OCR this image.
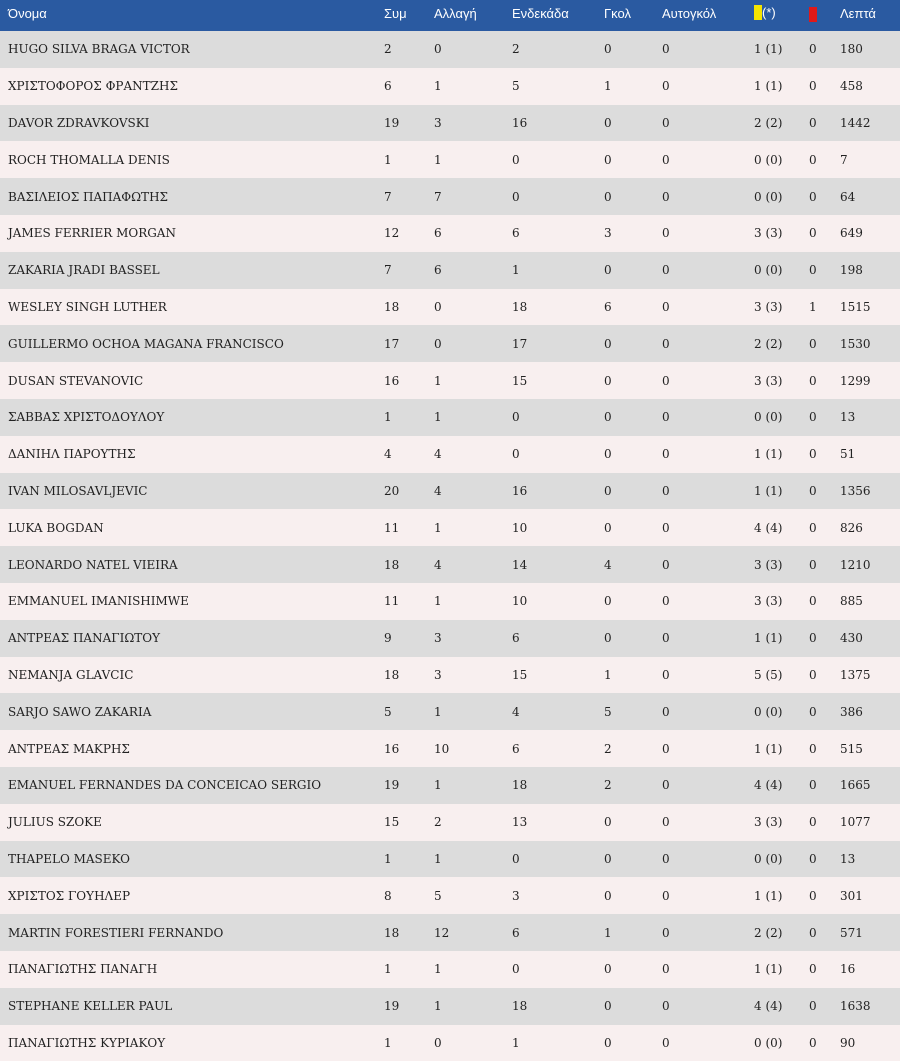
Όνομα	Συμ	Αλλαγή	Ενδεκάδα	Γκολ	Αυτογκόλ	(*)		Λεπτά
HUGO SILVA BRAGA VICTOR	2	0	2	0	0	1 (1)	0	180
ΧΡΙΣΤΟΦΟΡΟΣ ΦΡΑΝΤΖΗΣ	6	1	5	1	0	1 (1)	0	458
DAVOR ZDRAVKOVSKI	19	3	16	0	0	2 (2)	0	1442
ROCH THOMALLA DENIS	1	1	0	0	0	0 (0)	0	7
ΒΑΣΙΛΕΙΟΣ ΠΑΠΑΦΩΤΗΣ	7	7	0	0	0	0 (0)	0	64
JAMES FERRIER MORGAN	12	6	6	3	0	3 (3)	0	649
ZAKARIA JRADI BASSEL	7	6	1	0	0	0 (0)	0	198
WESLEY SINGH LUTHER	18	0	18	6	0	3 (3)	1	1515
GUILLERMO OCHOA MAGANA FRANCISCO	17	0	17	0	0	2 (2)	0	1530
DUSAN STEVANOVIC	16	1	15	0	0	3 (3)	0	1299
ΣΑΒΒΑΣ ΧΡΙΣΤΟΔΟΥΛΟΥ	1	1	0	0	0	0 (0)	0	13
ΔΑΝΙΗΛ ΠΑΡΟΥΤΗΣ	4	4	0	0	0	1 (1)	0	51
IVAN MILOSAVLJEVIC	20	4	16	0	0	1 (1)	0	1356
LUKA BOGDAN	11	1	10	0	0	4 (4)	0	826
LEONARDO NATEL VIEIRA	18	4	14	4	0	3 (3)	0	1210
EMMANUEL IMANISHIMWE	11	1	10	0	0	3 (3)	0	885
ΑΝΤΡΕΑΣ ΠΑΝΑΓΙΩΤΟΥ	9	3	6	0	0	1 (1)	0	430
NEMANJA GLAVCIC	18	3	15	1	0	5 (5)	0	1375
SARJO SAWO ZAKARIA	5	1	4	5	0	0 (0)	0	386
ΑΝΤΡΕΑΣ ΜΑΚΡΗΣ	16	10	6	2	0	1 (1)	0	515
EMANUEL FERNANDES DA CONCEICAO SERGIO	19	1	18	2	0	4 (4)	0	1665
JULIUS SZOKE	15	2	13	0	0	3 (3)	0	1077
THAPELO MASEKO	1	1	0	0	0	0 (0)	0	13
ΧΡΙΣΤΟΣ ΓΟΥΗΛΕΡ	8	5	3	0	0	1 (1)	0	301
MARTIN FORESTIERI FERNANDO	18	12	6	1	0	2 (2)	0	571
ΠΑΝΑΓΙΩΤΗΣ ΠΑΝΑΓΗ	1	1	0	0	0	1 (1)	0	16
STEPHANE KELLER PAUL	19	1	18	0	0	4 (4)	0	1638
ΠΑΝΑΓΙΩΤΗΣ ΚΥΡΙΑΚΟΥ	1	0	1	0	0	0 (0)	0	90
